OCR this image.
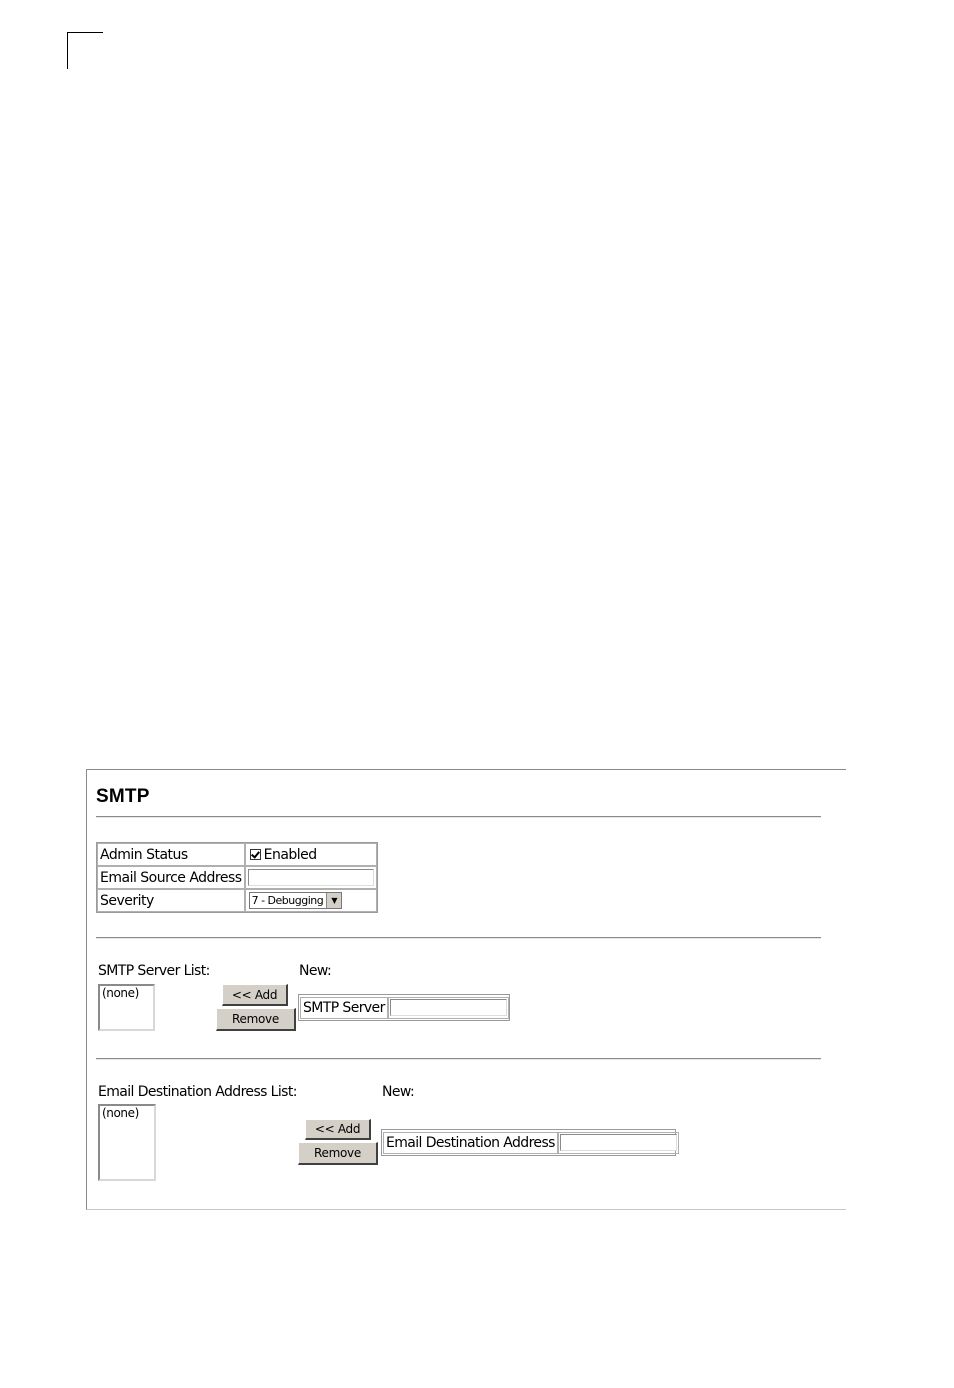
SMTP
Admin Status	Enabled
Email Source Address	

Severity	7 - Debugging ▼
SMTP Server List:	New:
(none)	<< Add
Remove
SMTP Server
Email Destination Address List:	New:
(none)
<< Add
Remove
Email Destination Address
